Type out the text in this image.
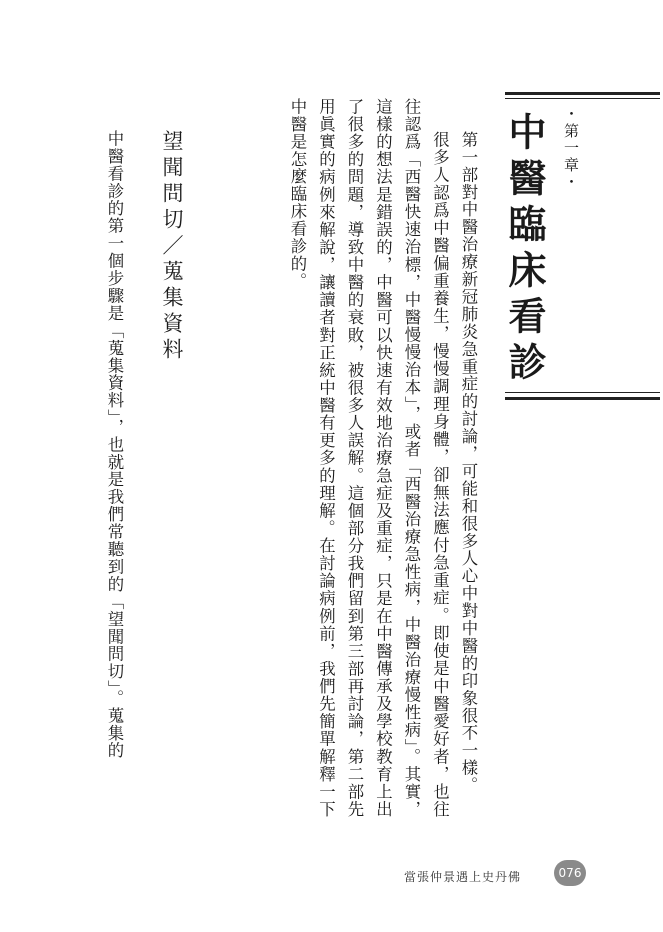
・第一章・
中醫臨床看診

第一部對中醫治療新冠肺炎急重症的討論，可能和很多人心中對中醫的印象很不一樣。

很多人認爲中醫偏重養生，慢慢調理身體，卻無法應付急重症。即使是中醫愛好者，也往往認爲「西醫快速治標，中醫慢慢治本」，或者「西醫治療急性病，中醫治療慢性病」。其實，這樣的想法是錯誤的，中醫可以快速有效地治療急症及重症，只是在中醫傳承及學校教育上出了很多的問題，導致中醫的衰敗，被很多人誤解。這個部分我們留到第三部再討論，第二部先用眞實的病例來解說，讓讀者對正統中醫有更多的理解。在討論病例前，我們先簡單解釋一下中醫是怎麼臨床看診的。

望聞問切／蒐集資料

中醫看診的第一個步驟是「蒐集資料」，也就是我們常聽到的「望聞問切」。蒐集的

當張仲景遇上史丹佛	076
